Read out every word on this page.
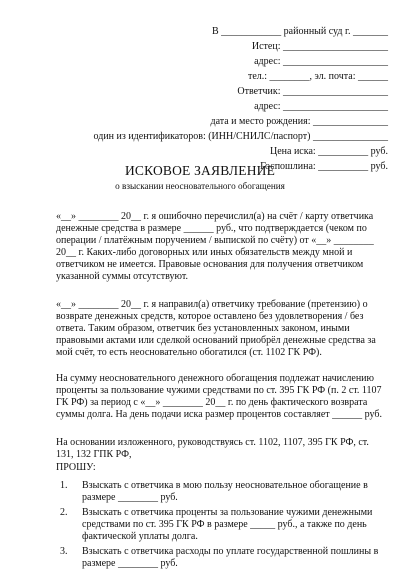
В ____________ районный суд г. _______
Истец: _____________________
адрес: _____________________
тел.: ________, эл. почта: ______
Ответчик: _____________________
адрес: _____________________
дата и место рождения: _______________
один из идентификаторов: (ИНН/СНИЛС/паспорт) _______________
Цена иска: __________ руб.
Госпошлина: __________ руб.
ИСКОВОЕ ЗАЯВЛЕНИЕ
о взыскании неосновательного обогащения

«__» ________ 20__ г. я ошибочно перечислил(а) на счёт / карту ответчика
денежные средства в размере ______ руб., что подтверждается (чеком по
операции / платёжным поручением / выпиской по счёту) от «__» ________
20__ г. Каких-либо договорных или иных обязательств между мной и
ответчиком не имеется. Правовые основания для получения ответчиком
указанной суммы отсутствуют.

«__» ________ 20__ г. я направил(а) ответчику требование (претензию) о
возврате денежных средств, которое оставлено без удовлетворения / без
ответа. Таким образом, ответчик без установленных законом, иными
правовыми актами или сделкой оснований приобрёл денежные средства за
мой счёт, то есть неосновательно обогатился (ст. 1102 ГК РФ).

На сумму неосновательного денежного обогащения подлежат начислению
проценты за пользование чужими средствами по ст. 395 ГК РФ (п. 2 ст. 1107
ГК РФ) за период с «__» ________ 20__ г. по день фактического возврата
суммы долга. На день подачи иска размер процентов составляет ______ руб.

На основании изложенного, руководствуясь ст. 1102, 1107, 395 ГК РФ, ст.
131, 132 ГПК РФ,

ПРОШУ:
1. Взыскать с ответчика в мою пользу неосновательное обогащение в
размере ________ руб.
2. Взыскать с ответчика проценты за пользование чужими денежными
средствами по ст. 395 ГК РФ в размере _____ руб., а также по день
фактической уплаты долга.
3. Взыскать с ответчика расходы по уплате государственной пошлины в
размере ________ руб.
